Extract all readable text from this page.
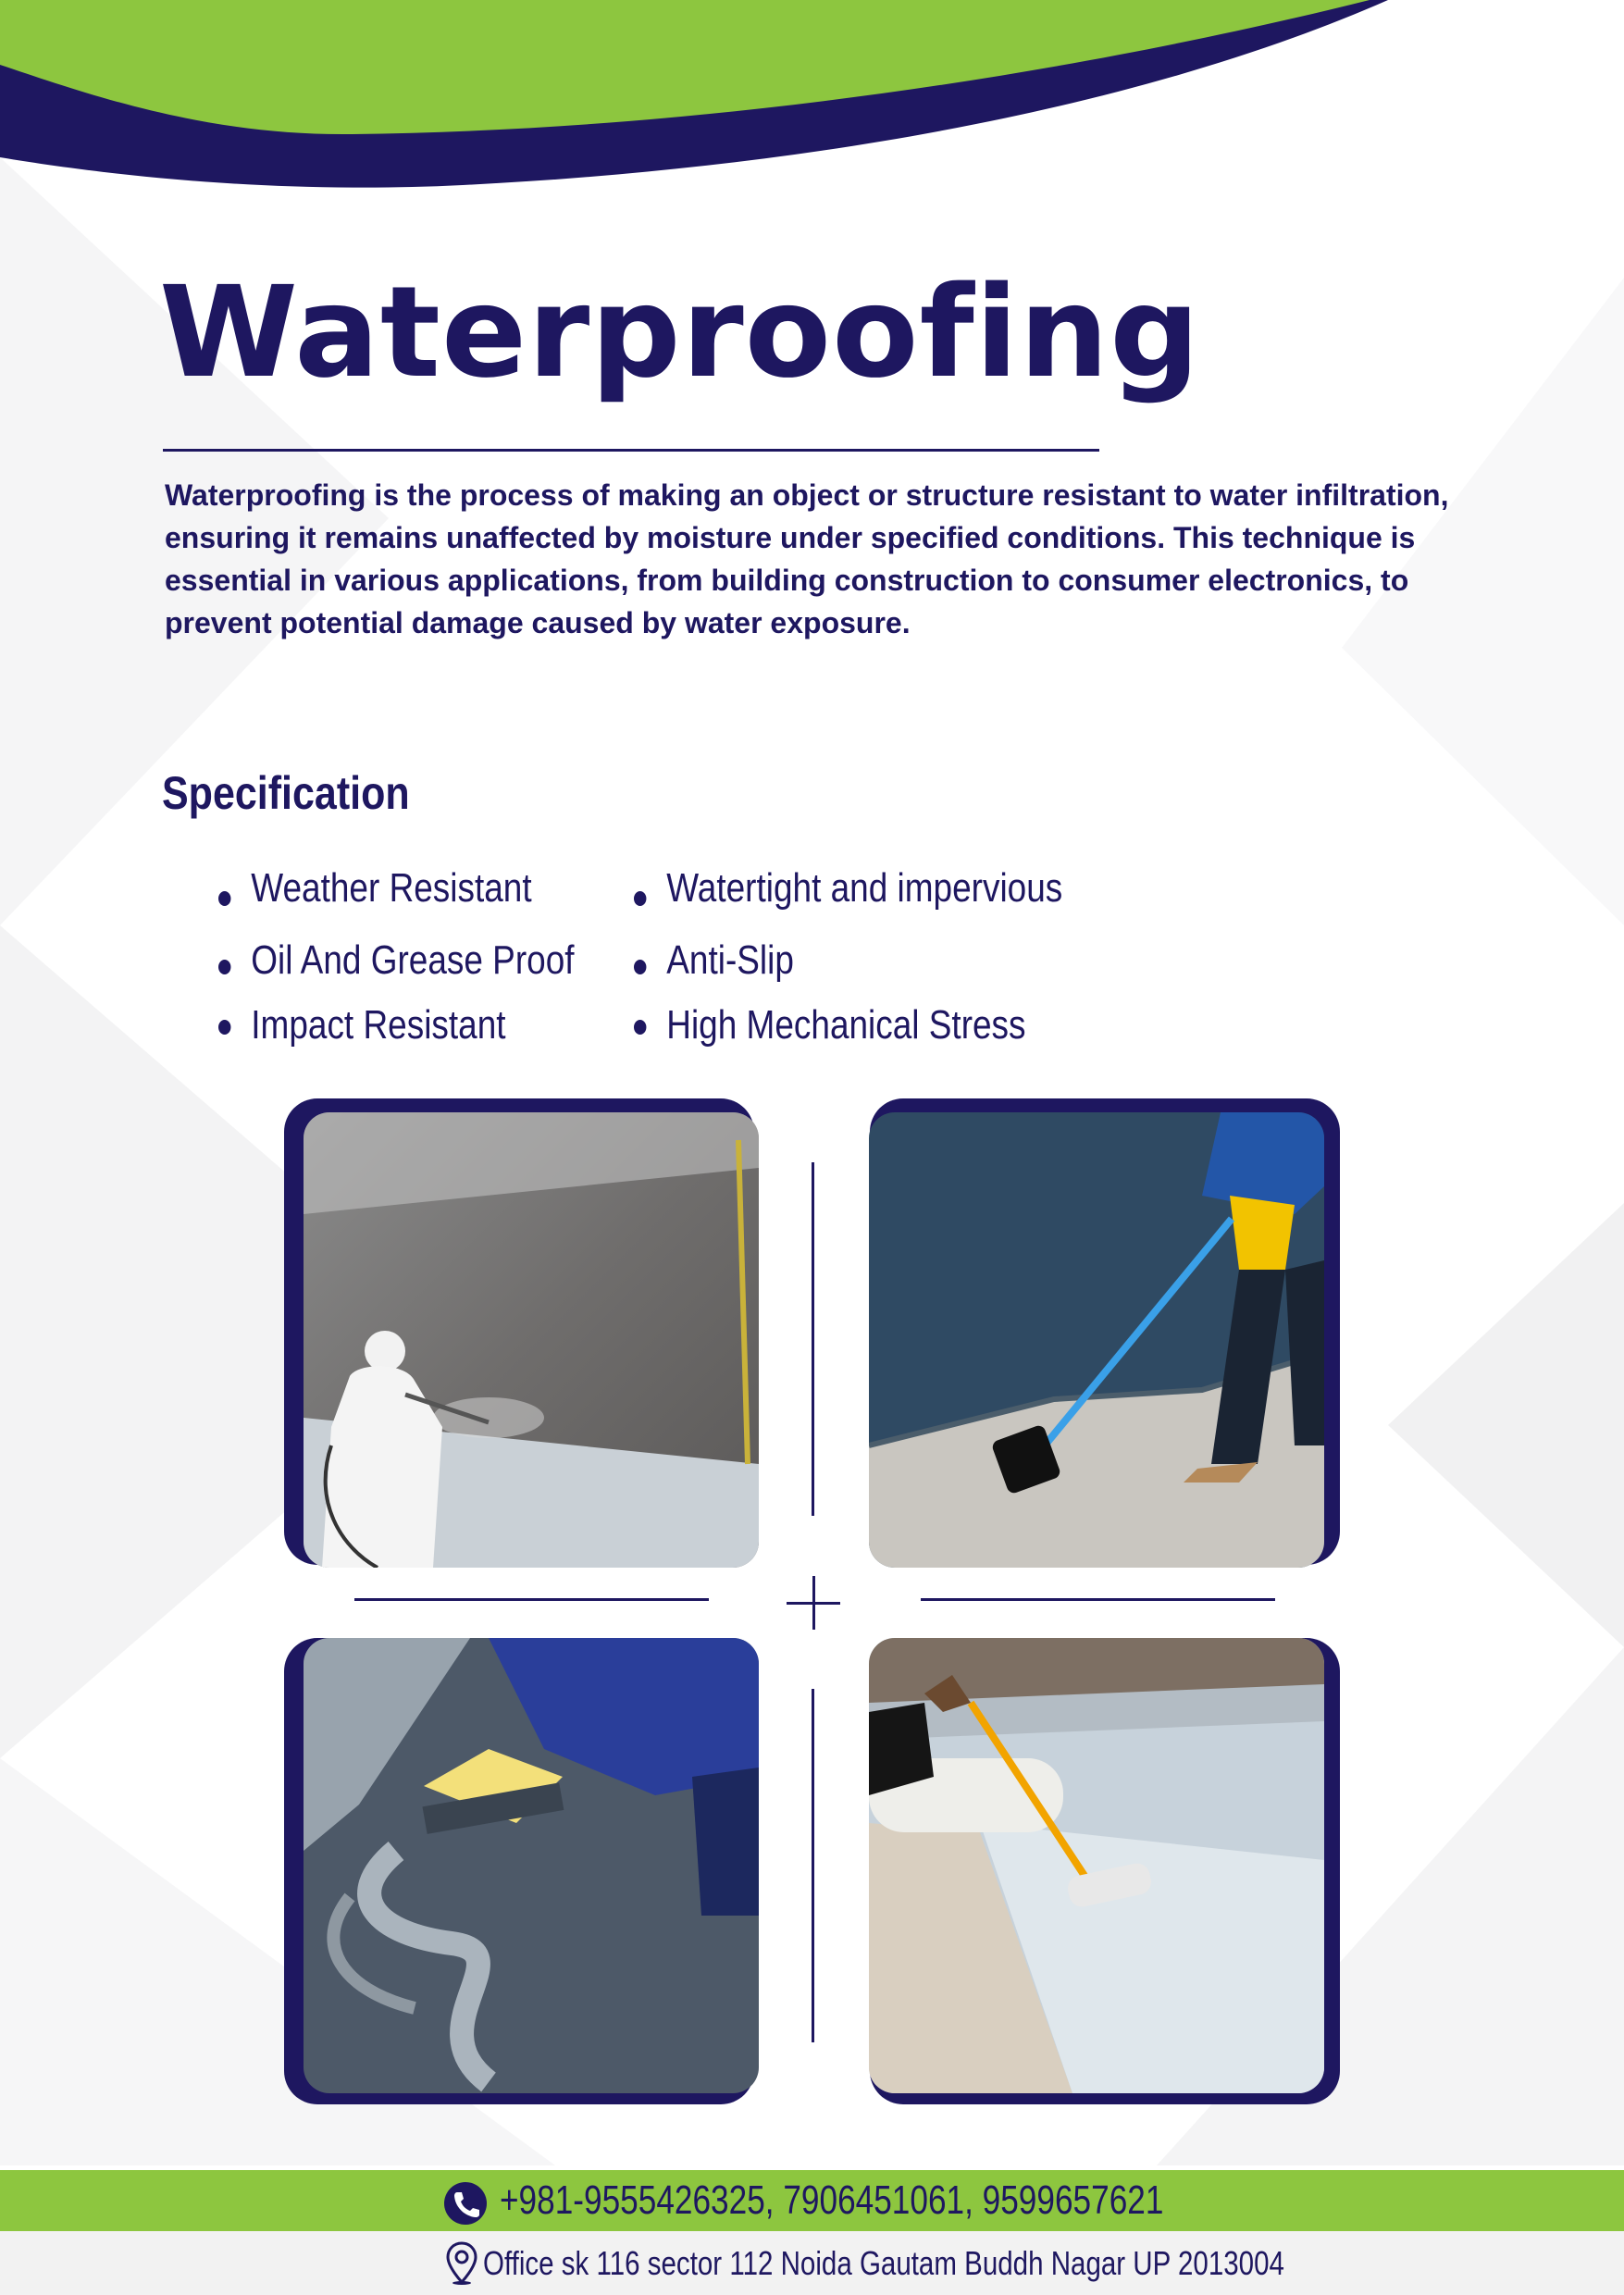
Waterproofing

Waterproofing is the process of making an object or structure resistant to water infiltration, ensuring it remains unaffected by moisture under specified conditions. This technique is essential in various applications, from building construction to consumer electronics, to prevent potential damage caused by water exposure.

Specification
Weather Resistant
Oil And Grease Proof
Impact Resistant
Watertight and impervious
Anti-Slip
High Mechanical Stress
+981-9555426325, 7906451061, 9599657621
Office sk 116 sector 112 Noida Gautam Buddh Nagar UP 2013004
